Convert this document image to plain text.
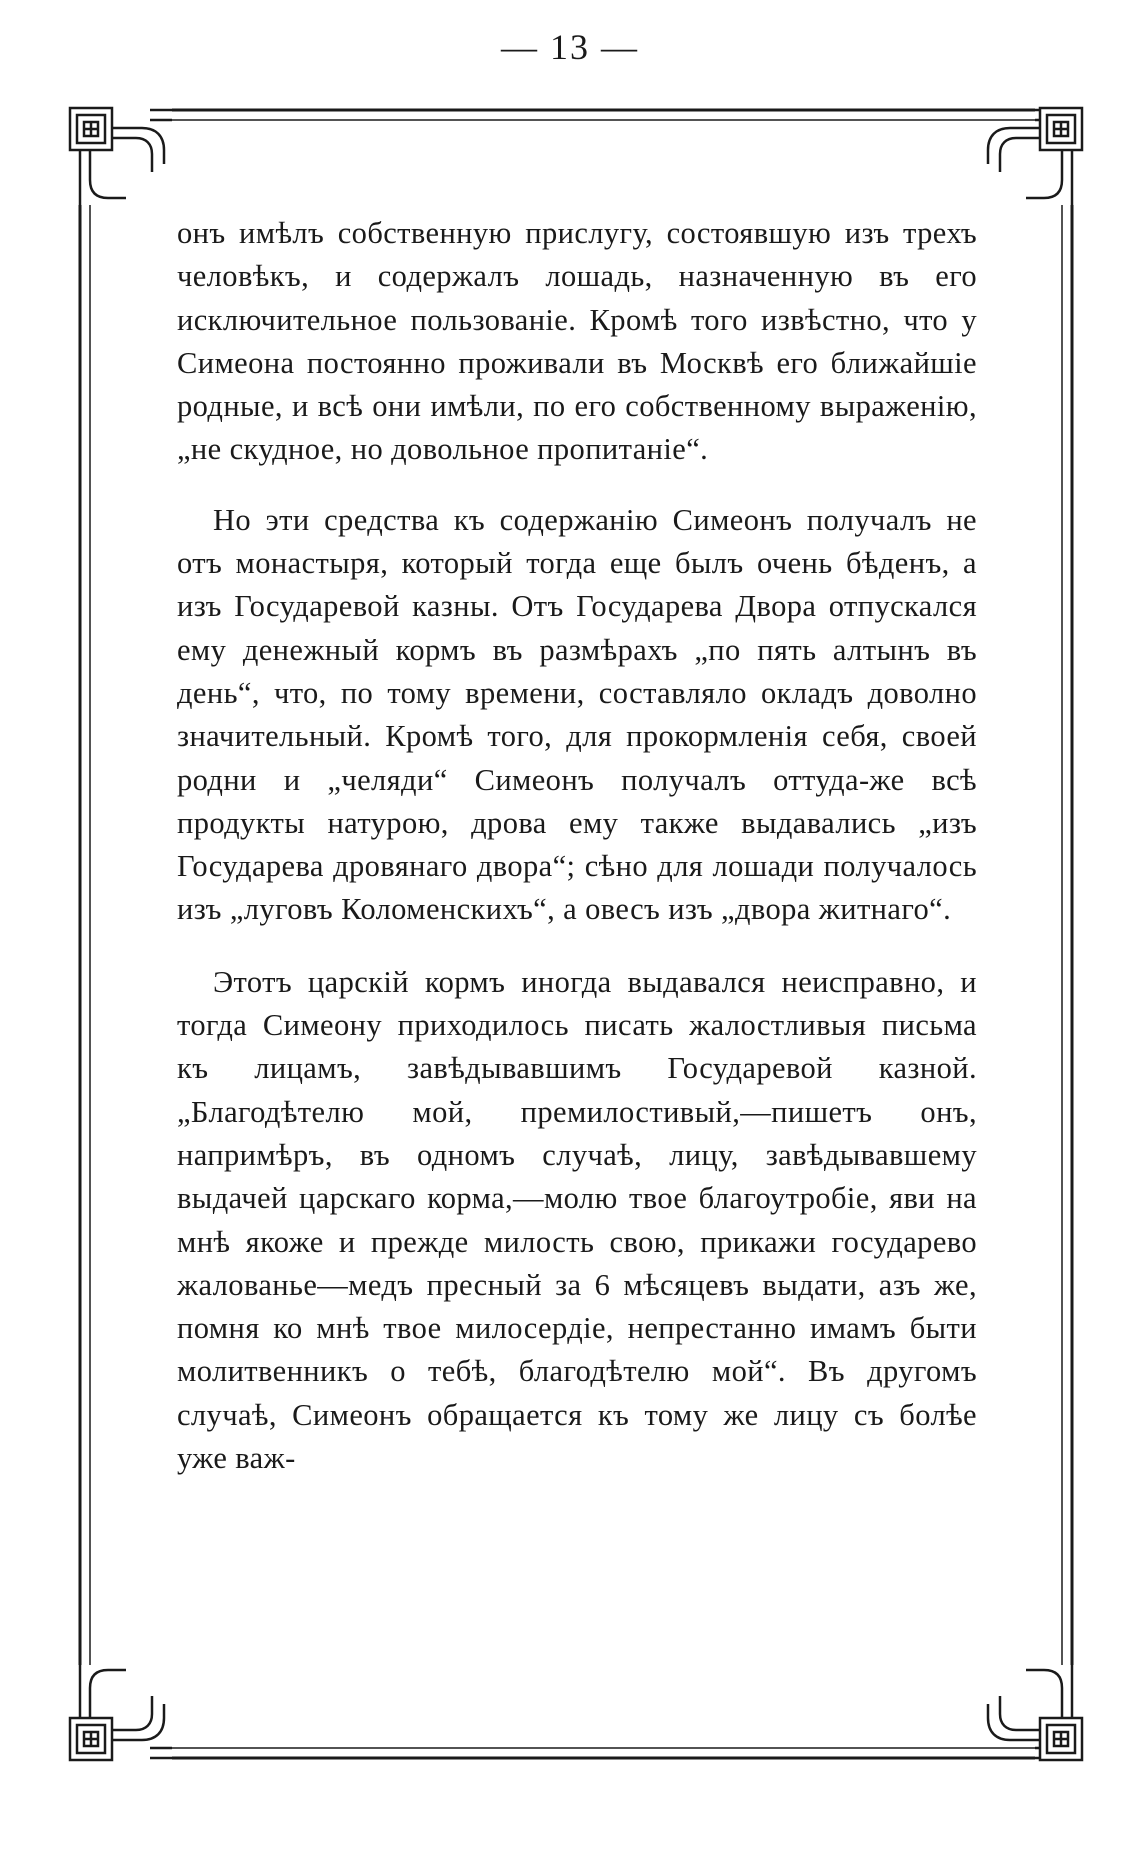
— 13 —

онъ имѣлъ собственную прислугу, состоявшую изъ трехъ человѣкъ, и содержалъ лошадь, назначенную въ его исключительное пользованіе. Кромѣ того извѣстно, что у Симеона постоянно проживали въ Москвѣ его ближайшіе родные, и всѣ они имѣли, по его собственному выраженію, „не скудное, но довольное пропитаніе“.

Но эти средства къ содержанію Симеонъ получалъ не отъ монастыря, который тогда еще былъ очень бѣденъ, а изъ Государевой казны. Отъ Государева Двора отпускался ему денежный кормъ въ размѣрахъ „по пять алтынъ въ день“, что, по тому времени, составляло окладъ доволно значительный. Кромѣ того, для прокормленія себя, своей родни и „челяди“ Симеонъ получалъ оттуда-же всѣ продукты натурою, дрова ему также выдавались „изъ Государева дровянаго двора“; сѣно для лошади получалось изъ „луговъ Коломенскихъ“, а овесъ изъ „двора житнаго“.

Этотъ царскій кормъ иногда выдавался неисправно, и тогда Симеону приходилось писать жалостливыя письма къ лицамъ, завѣдывавшимъ Государевой казной. „Благодѣтелю мой, премилостивый,—пишетъ онъ, напримѣръ, въ одномъ случаѣ, лицу, завѣдывавшему выдачей царскаго корма,—молю твое благоутробіе, яви на мнѣ якоже и прежде милость свою, прикажи государево жалованье—медъ пресный за 6 мѣсяцевъ выдати, азъ же, помня ко мнѣ твое милосердіе, непрестанно имамъ быти молитвенникъ о тебѣ, благодѣтелю мой“. Въ другомъ случаѣ, Симеонъ обращается къ тому же лицу съ болѣе уже важ-
